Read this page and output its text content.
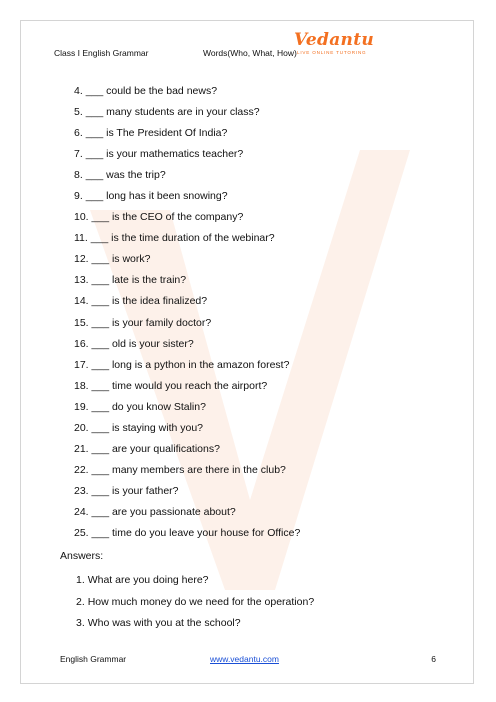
Class I English Grammar	Words(Who, What, How)
Vedantu
LIVE ONLINE TUTORING
4. ___ could be the bad news?
5. ___ many students are in your class?
6. ___ is The President Of India?
7. ___ is your mathematics teacher?
8. ___ was the trip?
9. ___ long has it been snowing?
10. ___ is the CEO of the company?
11. ___ is the time duration of the webinar?
12. ___ is work?
13. ___ late is the train?
14. ___ is the idea finalized?
15. ___ is your family doctor?
16. ___ old is your sister?
17. ___ long is a python in the amazon forest?
18. ___ time would you reach the airport?
19. ___ do you know Stalin?
20. ___ is staying with you?
21. ___ are your qualifications?
22. ___ many members are there in the club?
23. ___ is your father?
24. ___ are you passionate about?
25. ___ time do you leave your house for Office?
Answers:
1. What are you doing here?
2. How much money do we need for the operation?
3. Who was with you at the school?
English Grammar	www.vedantu.com	6
